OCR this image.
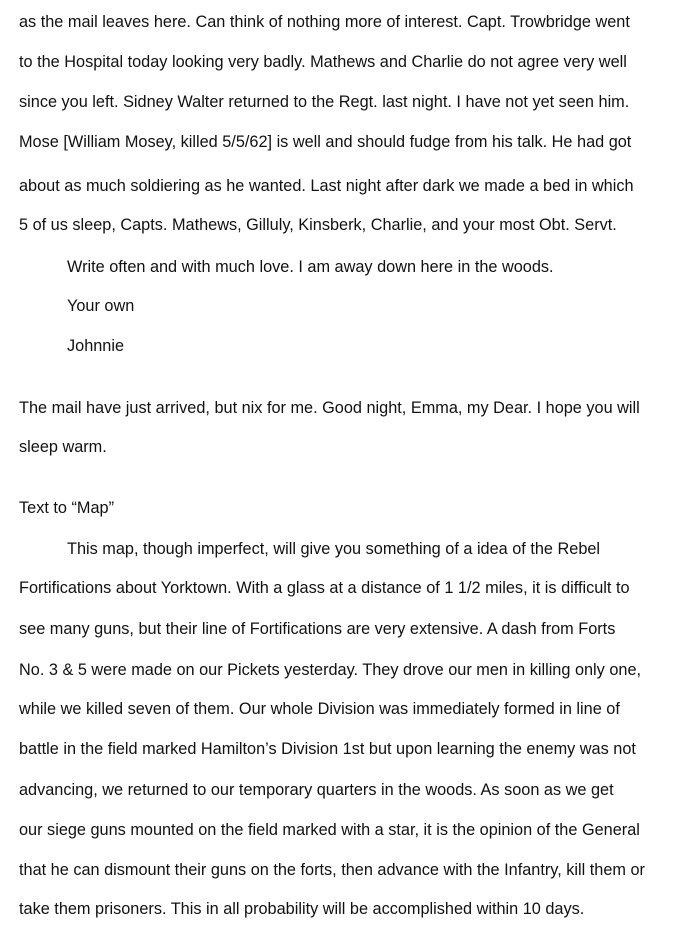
as the mail leaves here. Can think of nothing more of interest. Capt. Trowbridge went
to the Hospital today looking very badly. Mathews and Charlie do not agree very well
since you left. Sidney Walter returned to the Regt. last night. I have not yet seen him.
Mose [William Mosey, killed 5/5/62] is well and should fudge from his talk. He had got
about as much soldiering as he wanted. Last night after dark we made a bed in which
5 of us sleep, Capts. Mathews, Gilluly, Kinsberk, Charlie, and your most Obt. Servt.
Write often and with much love. I am away down here in the woods.
Your own
Johnnie
The mail have just arrived, but nix for me. Good night, Emma, my Dear. I hope you will
sleep warm.
Text to “Map”
This map, though imperfect, will give you something of a idea of the Rebel
Fortifications about Yorktown. With a glass at a distance of 1 1/2 miles, it is difficult to
see many guns, but their line of Fortifications are very extensive. A dash from Forts
No. 3 & 5 were made on our Pickets yesterday. They drove our men in killing only one,
while we killed seven of them. Our whole Division was immediately formed in line of
battle in the field marked Hamilton’s Division 1st but upon learning the enemy was not
advancing, we returned to our temporary quarters in the woods. As soon as we get
our siege guns mounted on the field marked with a star, it is the opinion of the General
that he can dismount their guns on the forts, then advance with the Infantry, kill them or
take them prisoners. This in all probability will be accomplished within 10 days.
